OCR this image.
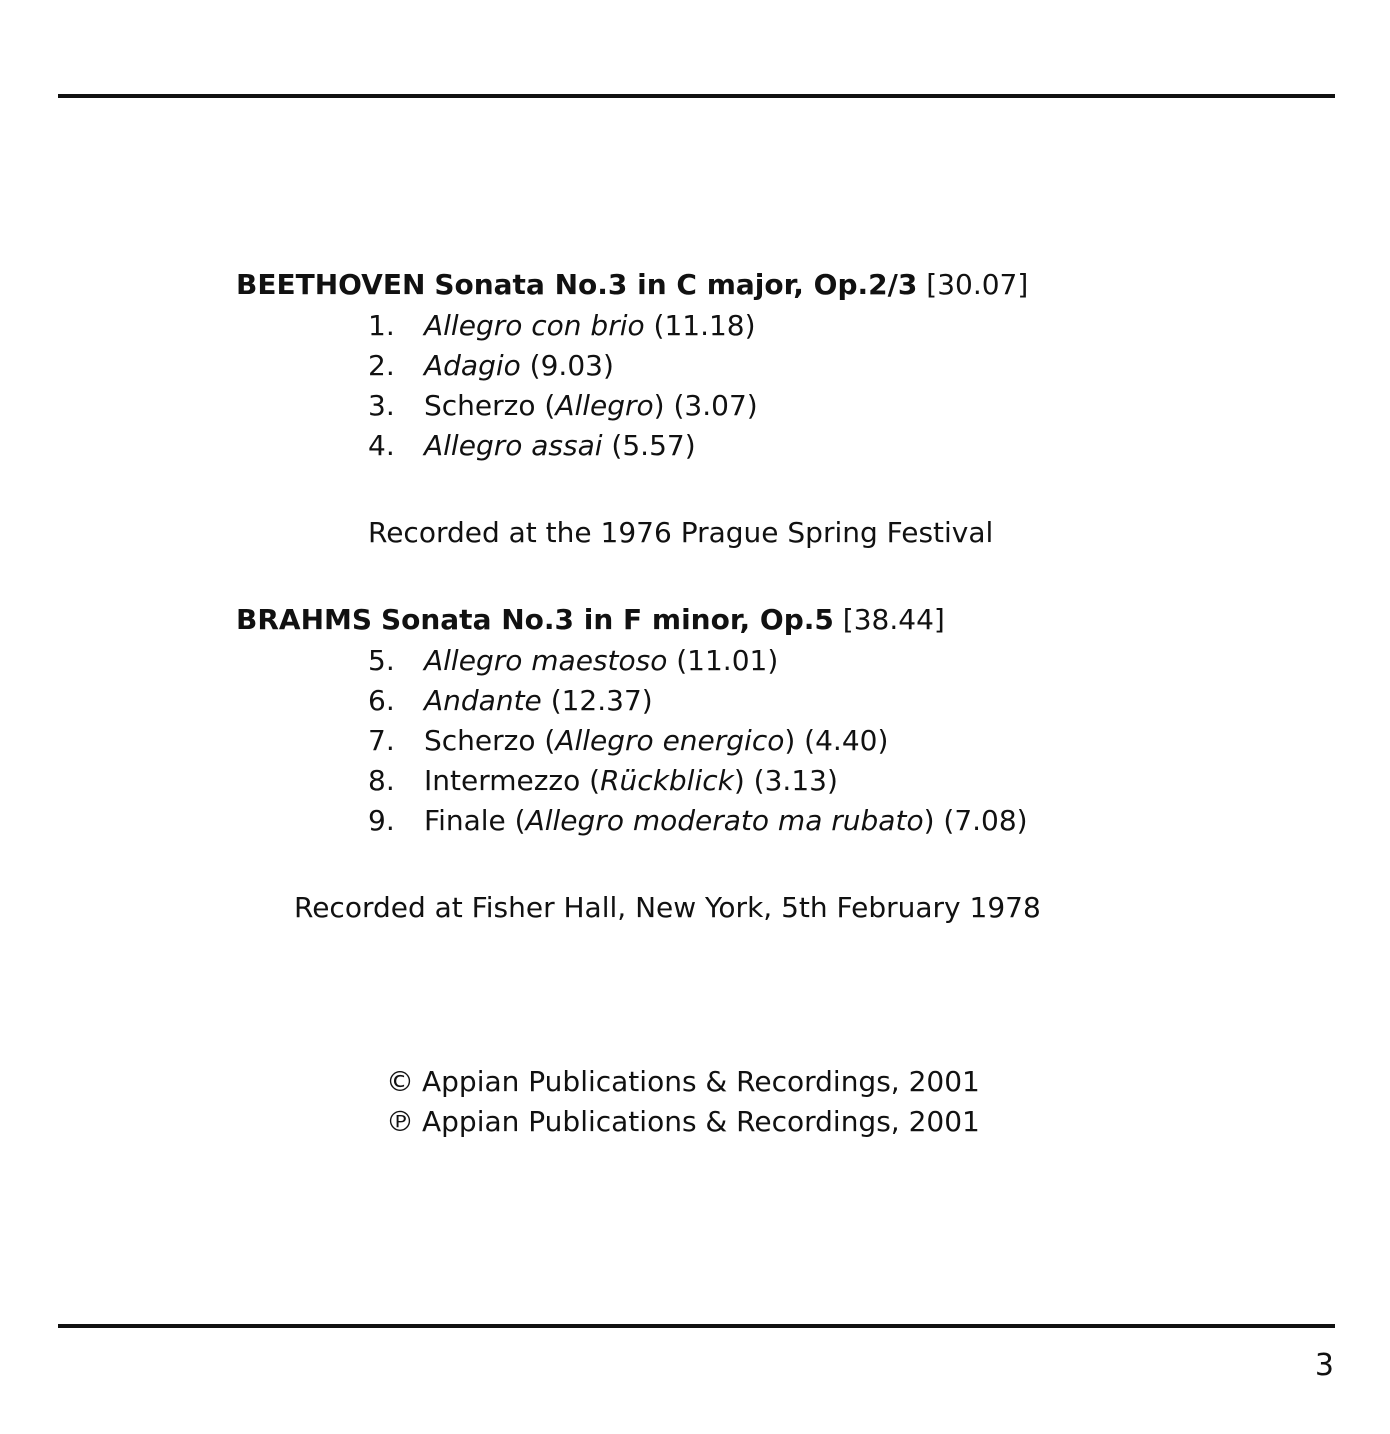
BEETHOVEN Sonata No.3 in C major, Op.2/3 [30.07]
1. Allegro con brio (11.18)
2. Adagio (9.03)
3. Scherzo (Allegro) (3.07)
4. Allegro assai (5.57)
Recorded at the 1976 Prague Spring Festival
BRAHMS Sonata No.3 in F minor, Op.5 [38.44]
5. Allegro maestoso (11.01)
6. Andante (12.37)
7. Scherzo (Allegro energico) (4.40)
8. Intermezzo (Rückblick) (3.13)
9. Finale (Allegro moderato ma rubato) (7.08)
Recorded at Fisher Hall, New York, 5th February 1978
© Appian Publications & Recordings, 2001
℗ Appian Publications & Recordings, 2001
3
